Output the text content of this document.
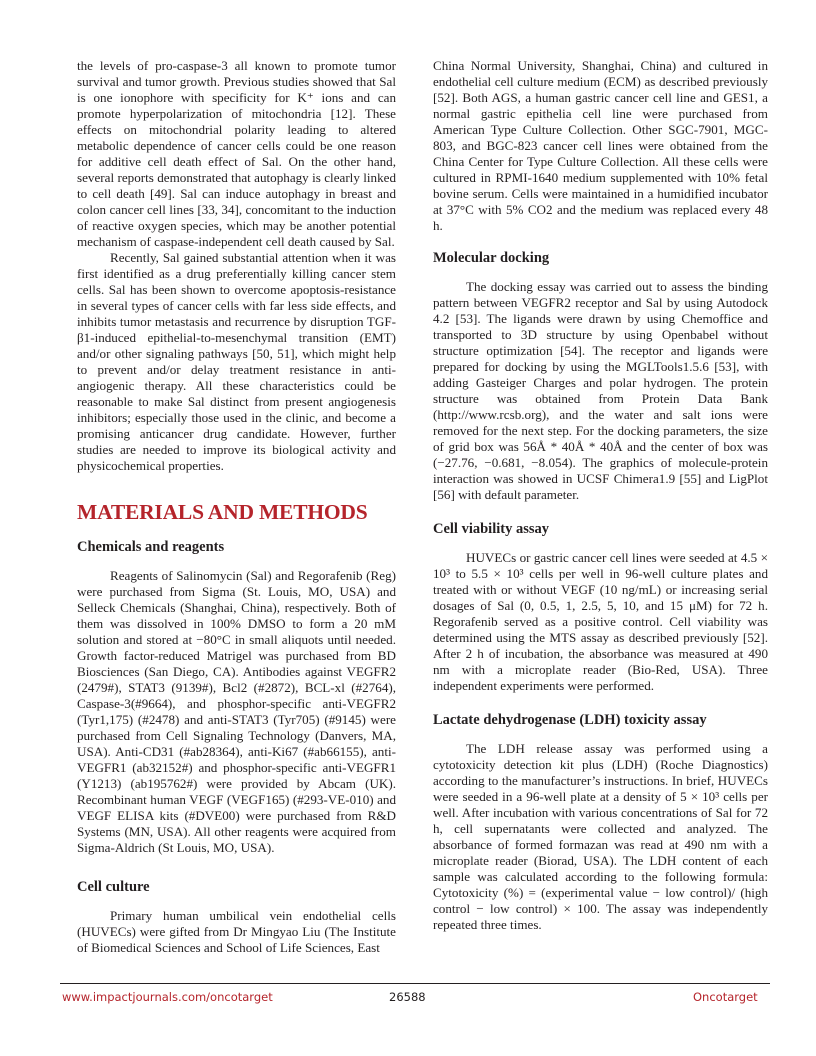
the levels of pro-caspase-3 all known to promote tumor survival and tumor growth. Previous studies showed that Sal is one ionophore with specificity for K⁺ ions and can promote hyperpolarization of mitochondria [12]. These effects on mitochondrial polarity leading to altered metabolic dependence of cancer cells could be one reason for additive cell death effect of Sal. On the other hand, several reports demonstrated that autophagy is clearly linked to cell death [49]. Sal can induce autophagy in breast and colon cancer cell lines [33, 34], concomitant to the induction of reactive oxygen species, which may be another potential mechanism of caspase-independent cell death caused by Sal.

Recently, Sal gained substantial attention when it was first identified as a drug preferentially killing cancer stem cells. Sal has been shown to overcome apoptosis-resistance in several types of cancer cells with far less side effects, and inhibits tumor metastasis and recurrence by disruption TGF-β1-induced epithelial-to-mesenchymal transition (EMT) and/or other signaling pathways [50, 51], which might help to prevent and/or delay treatment resistance in anti-angiogenic therapy. All these characteristics could be reasonable to make Sal distinct from present angiogenesis inhibitors; especially those used in the clinic, and become a promising anticancer drug candidate. However, further studies are needed to improve its biological activity and physicochemical properties.

MATERIALS AND METHODS
Chemicals and reagents

Reagents of Salinomycin (Sal) and Regorafenib (Reg) were purchased from Sigma (St. Louis, MO, USA) and Selleck Chemicals (Shanghai, China), respectively. Both of them was dissolved in 100% DMSO to form a 20 mM solution and stored at −80°C in small aliquots until needed. Growth factor-reduced Matrigel was purchased from BD Biosciences (San Diego, CA). Antibodies against VEGFR2 (2479#), STAT3 (9139#), Bcl2 (#2872), BCL-xl (#2764), Caspase-3(#9664), and phosphor-specific anti-VEGFR2 (Tyr1,175) (#2478) and anti-STAT3 (Tyr705) (#9145) were purchased from Cell Signaling Technology (Danvers, MA, USA). Anti-CD31 (#ab28364), anti-Ki67 (#ab66155), anti-VEGFR1 (ab32152#) and phosphor-specific anti-VEGFR1 (Y1213) (ab195762#) were provided by Abcam (UK). Recombinant human VEGF (VEGF165) (#293-VE-010) and VEGF ELISA kits (#DVE00) were purchased from R&D Systems (MN, USA). All other reagents were acquired from Sigma-Aldrich (St Louis, MO, USA).

Cell culture

Primary human umbilical vein endothelial cells (HUVECs) were gifted from Dr Mingyao Liu (The Institute of Biomedical Sciences and School of Life Sciences, East

China Normal University, Shanghai, China) and cultured in endothelial cell culture medium (ECM) as described previously [52]. Both AGS, a human gastric cancer cell line and GES1, a normal gastric epithelia cell line were purchased from American Type Culture Collection. Other SGC-7901, MGC-803, and BGC-823 cancer cell lines were obtained from the China Center for Type Culture Collection. All these cells were cultured in RPMI-1640 medium supplemented with 10% fetal bovine serum. Cells were maintained in a humidified incubator at 37°C with 5% CO2 and the medium was replaced every 48 h.

Molecular docking

The docking essay was carried out to assess the binding pattern between VEGFR2 receptor and Sal by using Autodock 4.2 [53]. The ligands were drawn by using Chemoffice and transported to 3D structure by using Openbabel without structure optimization [54]. The receptor and ligands were prepared for docking by using the MGLTools1.5.6 [53], with adding Gasteiger Charges and polar hydrogen. The protein structure was obtained from Protein Data Bank (http://www.rcsb.org), and the water and salt ions were removed for the next step. For the docking parameters, the size of grid box was 56Å * 40Å * 40Å and the center of box was (−27.76, −0.681, −8.054). The graphics of molecule-protein interaction was showed in UCSF Chimera1.9 [55] and LigPlot [56] with default parameter.

Cell viability assay

HUVECs or gastric cancer cell lines were seeded at 4.5 × 10³ to 5.5 × 10³ cells per well in 96-well culture plates and treated with or without VEGF (10 ng/mL) or increasing serial dosages of Sal (0, 0.5, 1, 2.5, 5, 10, and 15 μM) for 72 h. Regorafenib served as a positive control. Cell viability was determined using the MTS assay as described previously [52]. After 2 h of incubation, the absorbance was measured at 490 nm with a microplate reader (Bio-Red, USA). Three independent experiments were performed.

Lactate dehydrogenase (LDH) toxicity assay

The LDH release assay was performed using a cytotoxicity detection kit plus (LDH) (Roche Diagnostics) according to the manufacturer’s instructions. In brief, HUVECs were seeded in a 96-well plate at a density of 5 × 10³ cells per well. After incubation with various concentrations of Sal for 72 h, cell supernatants were collected and analyzed. The absorbance of formed formazan was read at 490 nm with a microplate reader (Biorad, USA). The LDH content of each sample was calculated according to the following formula: Cytotoxicity (%) = (experimental value − low control)/ (high control − low control) × 100. The assay was independently repeated three times.

www.impactjournals.com/oncotarget	26588	Oncotarget
